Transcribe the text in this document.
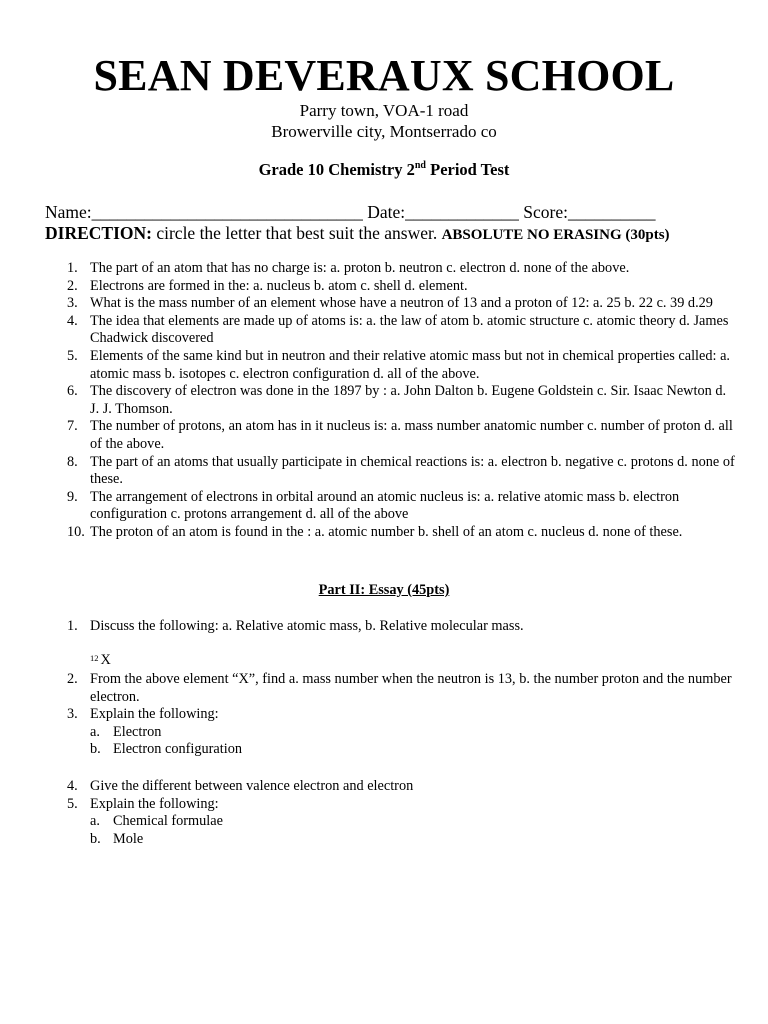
SEAN DEVERAUX SCHOOL
Parry town, VOA-1 road
Browerville city, Montserrado co
Grade 10 Chemistry 2nd Period Test
Name:_______________________________ Date:_____________ Score:__________
DIRECTION: circle the letter that best suit the answer. ABSOLUTE NO ERASING (30pts)
1. The part of an atom that has no charge is: a. proton b. neutron c. electron d. none of the above.
2. Electrons are formed in the: a. nucleus b. atom c. shell d. element.
3. What is the mass number of an element whose have a neutron of 13 and a proton of 12: a. 25 b. 22 c. 39 d.29
4. The idea that elements are made up of atoms is: a. the law of atom b. atomic structure c. atomic theory d. James Chadwick discovered
5. Elements of the same kind but in neutron and their relative atomic mass but not in chemical properties called: a. atomic mass b. isotopes c. electron configuration d. all of the above.
6. The discovery of electron was done in the 1897 by : a. John Dalton b. Eugene Goldstein c. Sir. Isaac Newton d. J. J. Thomson.
7. The number of protons, an atom has in it nucleus is: a. mass number anatomic number c. number of proton d. all of the above.
8. The part of an atoms that usually participate in chemical reactions is: a. electron b. negative c. protons d. none of these.
9. The arrangement of electrons in orbital around an atomic nucleus is: a. relative atomic mass b. electron configuration c. protons arrangement d. all of the above
10. The proton of an atom is found in the : a. atomic number b. shell of an atom c. nucleus d. none of these.
Part II: Essay (45pts)
1. Discuss the following: a. Relative atomic mass, b. Relative molecular mass.
$^{12}$ X
2. From the above element “X”, find a. mass number when the neutron is 13, b. the number proton and the number electron.
3. Explain the following:
a. Electron
b. Electron configuration
4. Give the different between valence electron and electron
5. Explain the following:
a. Chemical formulae
b. Mole
